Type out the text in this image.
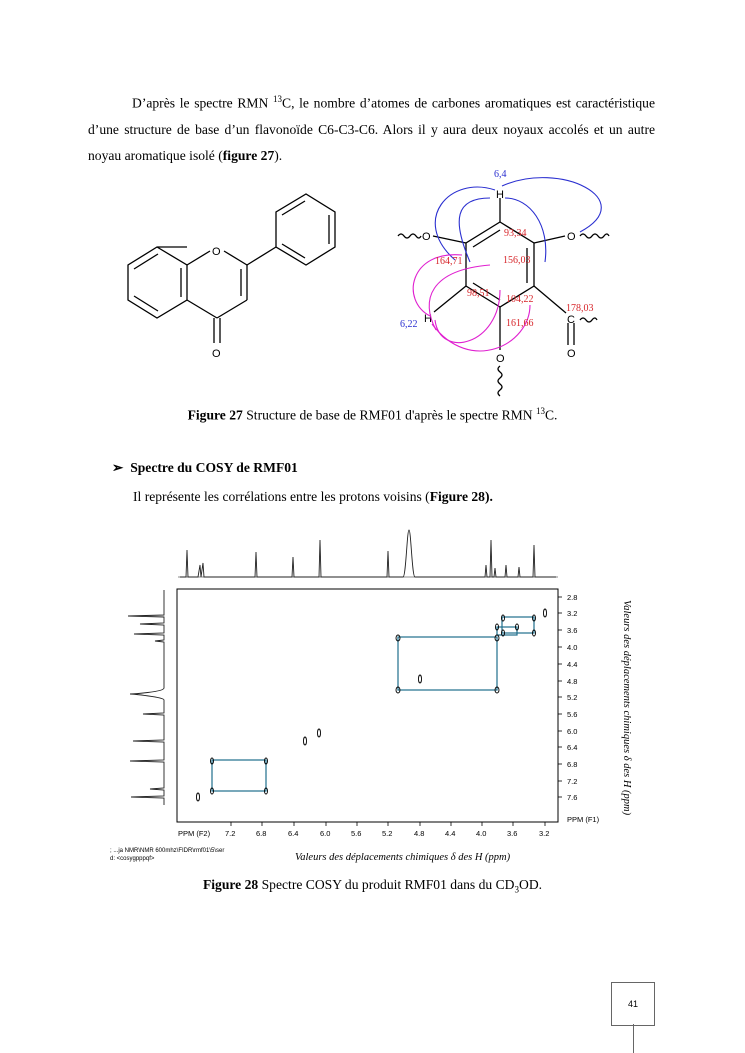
D’après le spectre RMN $^{13}$C, le nombre d’atomes de carbones aromatiques est caractéristique d’une structure de base d’un flavonoïde C6-C3-C6. Alors il y aura deux noyaux accolés et un autre noyau aromatique isolé (figure 27).

O
O
H
O	O
H	C
O	O
93,34
156,03
164,71
98,51
104,22
178,03
161,66
6,4
6,22
Figure 27 Structure de base de RMF01 d'après le spectre RMN $^{13}$C.
➢ Spectre du COSY de RMF01
Il représente les corrélations entre les protons voisins (Figure 28).
2.8
3.2
3.6
4.0
4.4
4.8
5.2
5.6
6.0
6.4
6.8
7.2
7.6
PPM (F1)
PPM (F2) 7.2	6.8	6.4	6.0	5.6	5.2	4.8	4.4	4.0	3.6	3.2
; ...ja NMR\NMR 600mhz\FIDR\rmf01\5\ser
d: <cosygpppqf>	Valeurs des déplacements chimiques δ des H (ppm)
Valeurs des déplacements chimiques δ des H (ppm)
Figure 28 Spectre COSY du produit RMF01 dans du $CD_3OD$.
41
